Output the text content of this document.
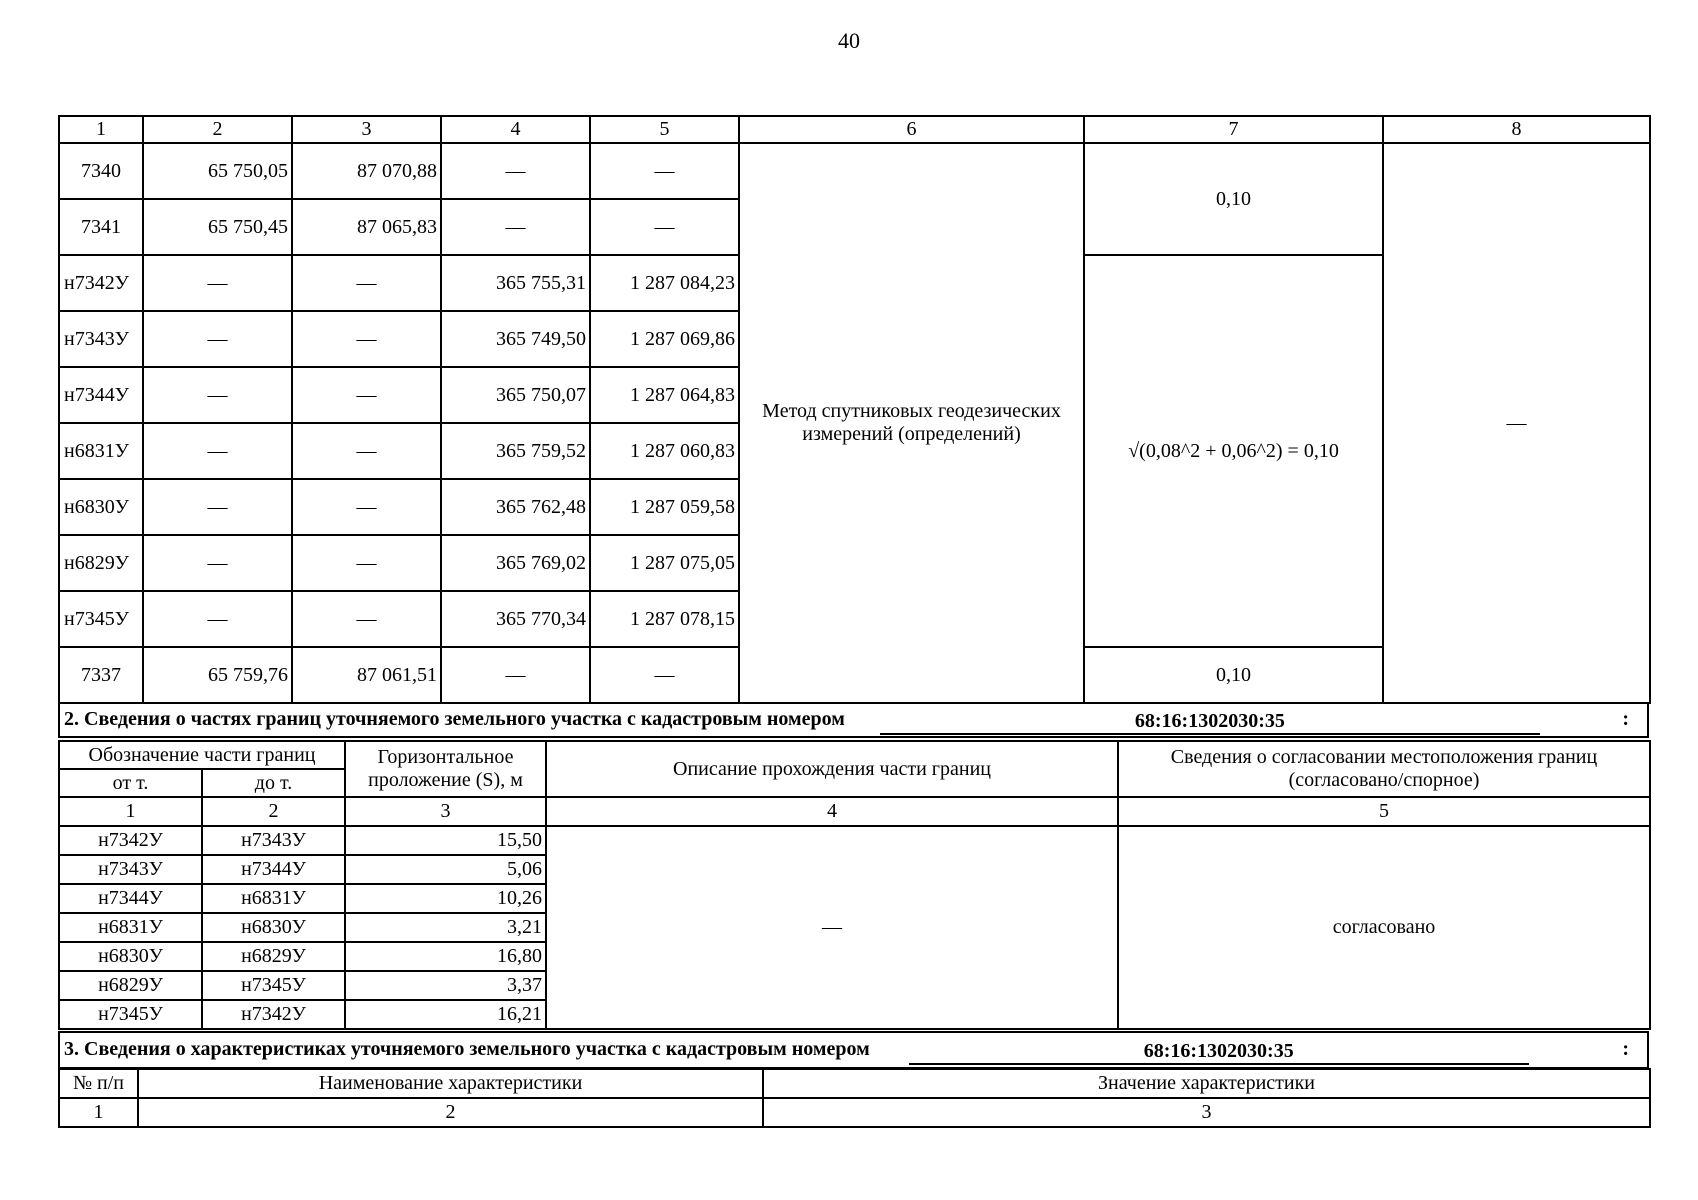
40
1	2	3	4	5	6	7	8
7340	65 750,05	87 070,88	—	—	Метод спутниковых геодезических измерений (определений)	0,10	—
7341	65 750,45	87 065,83	—	—			
н7342У	—	—	365 755,31	1 287 084,23		√(0,08^2 + 0,06^2) = 0,10	
н7343У	—	—	365 749,50	1 287 069,86			
н7344У	—	—	365 750,07	1 287 064,83			
н6831У	—	—	365 759,52	1 287 060,83			
н6830У	—	—	365 762,48	1 287 059,58			
н6829У	—	—	365 769,02	1 287 075,05			
н7345У	—	—	365 770,34	1 287 078,15			
7337	65 759,76	87 061,51	—	—		0,10	
2. Сведения о частях границ уточняемого земельного участка с кадастровым номером	68:16:1302030:35	:
Обозначение части границ		Горизонтальное проложение (S), м	Описание прохождения части границ	Сведения о согласовании местоположения границ (согласовано/спорное)
от т.	до т.			
1	2	3	4	5
н7342У	н7343У	15,50	—	согласовано
н7343У	н7344У	5,06		
н7344У	н6831У	10,26		
н6831У	н6830У	3,21		
н6830У	н6829У	16,80		
н6829У	н7345У	3,37		
н7345У	н7342У	16,21		
3. Сведения о характеристиках уточняемого земельного участка с кадастровым номером	68:16:1302030:35	:
№ п/п	Наименование характеристики	Значение характеристики
1	2	3
